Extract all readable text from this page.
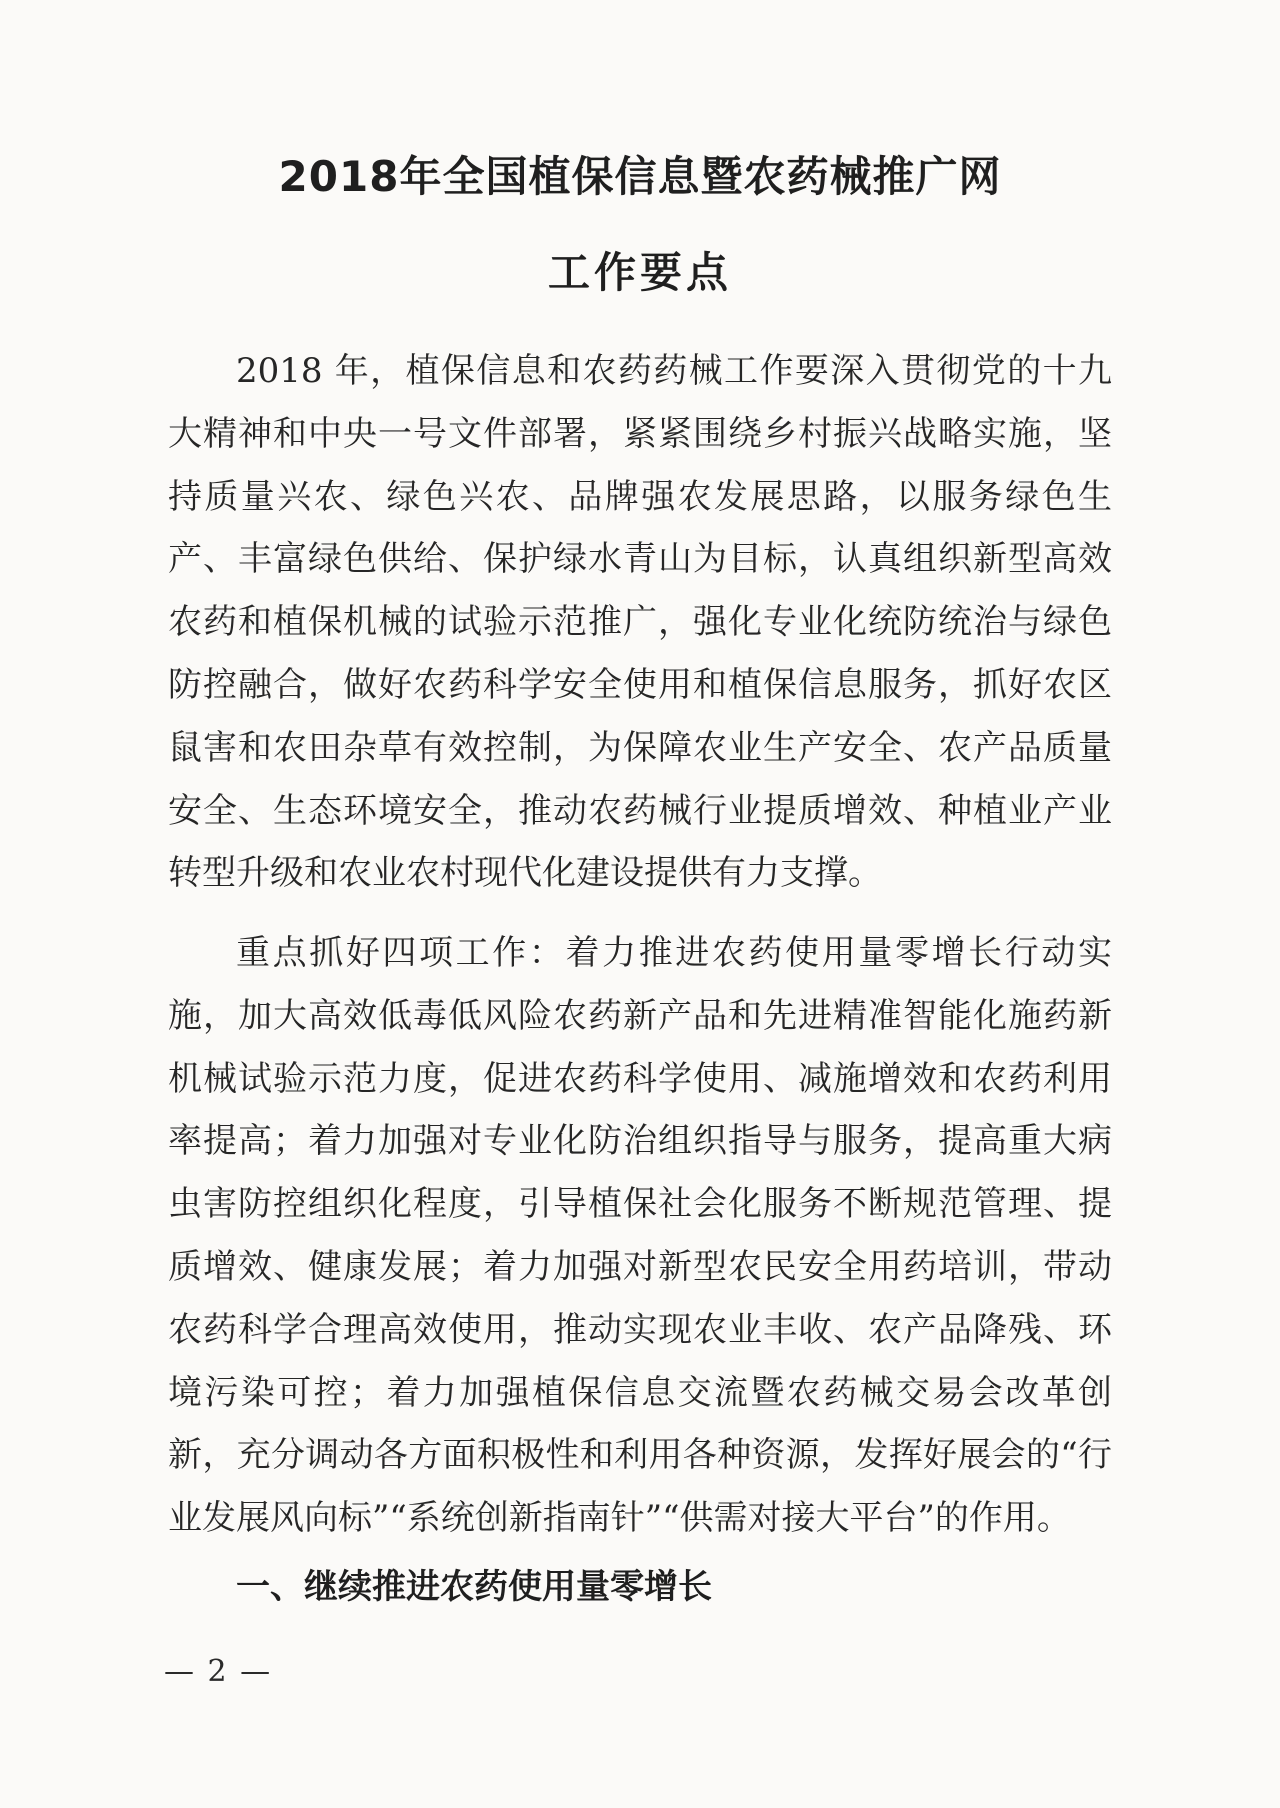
2018年全国植保信息暨农药械推广网
工作要点

2018 年，植保信息和农药药械工作要深入贯彻党的十九大精神和中央一号文件部署，紧紧围绕乡村振兴战略实施，坚持质量兴农、绿色兴农、品牌强农发展思路，以服务绿色生产、丰富绿色供给、保护绿水青山为目标，认真组织新型高效农药和植保机械的试验示范推广，强化专业化统防统治与绿色防控融合，做好农药科学安全使用和植保信息服务，抓好农区鼠害和农田杂草有效控制，为保障农业生产安全、农产品质量安全、生态环境安全，推动农药械行业提质增效、种植业产业转型升级和农业农村现代化建设提供有力支撑。

重点抓好四项工作：着力推进农药使用量零增长行动实施，加大高效低毒低风险农药新产品和先进精准智能化施药新机械试验示范力度，促进农药科学使用、减施增效和农药利用率提高；着力加强对专业化防治组织指导与服务，提高重大病虫害防控组织化程度，引导植保社会化服务不断规范管理、提质增效、健康发展；着力加强对新型农民安全用药培训，带动农药科学合理高效使用，推动实现农业丰收、农产品降残、环境污染可控；着力加强植保信息交流暨农药械交易会改革创新，充分调动各方面积极性和利用各种资源，发挥好展会的“行业发展风向标”“系统创新指南针”“供需对接大平台”的作用。

一、继续推进农药使用量零增长
— 2 —
